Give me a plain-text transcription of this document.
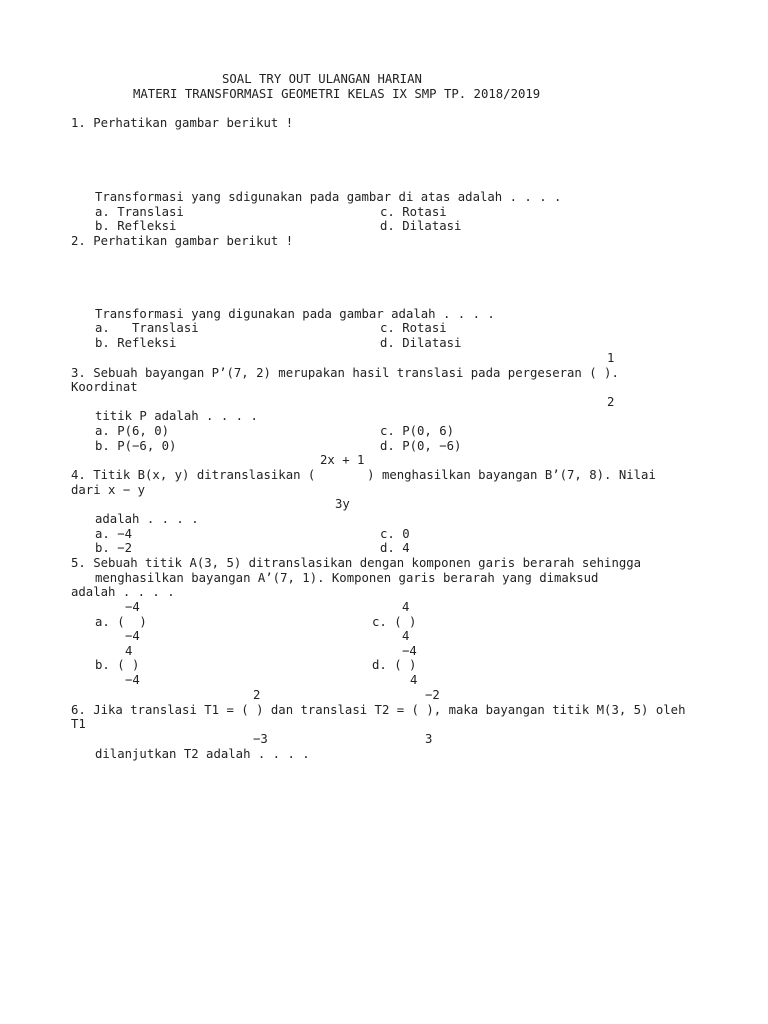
SOAL TRY OUT ULANGAN HARIAN
MATERI TRANSFORMASI GEOMETRI KELAS IX SMP TP. 2018/2019
1. Perhatikan gambar berikut !
Transformasi yang sdigunakan pada gambar di atas adalah . . . .
a. Translasi	c. Rotasi
b. Refleksi	d. Dilatasi
2. Perhatikan gambar berikut !
Transformasi yang digunakan pada gambar adalah . . . .
a.   Translasi	c. Rotasi
b. Refleksi	d. Dilatasi
1
3. Sebuah bayangan P’(7, 2) merupakan hasil translasi pada pergeseran ( ).
Koordinat
2
titik P adalah . . . .
a. P(6, 0)	c. P(0, 6)
b. P(−6, 0)	d. P(0, −6)
2x + 1
4. Titik B(x, y) ditranslasikan (       ) menghasilkan bayangan B’(7, 8). Nilai
dari x − y
3y
adalah . . . .
a. −4	c. 0
b. −2	d. 4
5. Sebuah titik A(3, 5) ditranslasikan dengan komponen garis berarah sehingga
menghasilkan bayangan A’(7, 1). Komponen garis berarah yang dimaksud
adalah . . . .
−4	4
a. (  )	c. ( )
−4	4
4	−4
b. ( )	d. ( )
−4	4
2	−2
6. Jika translasi T1 = ( ) dan translasi T2 = ( ), maka bayangan titik M(3, 5) oleh
T1
−3	3
dilanjutkan T2 adalah . . . .
